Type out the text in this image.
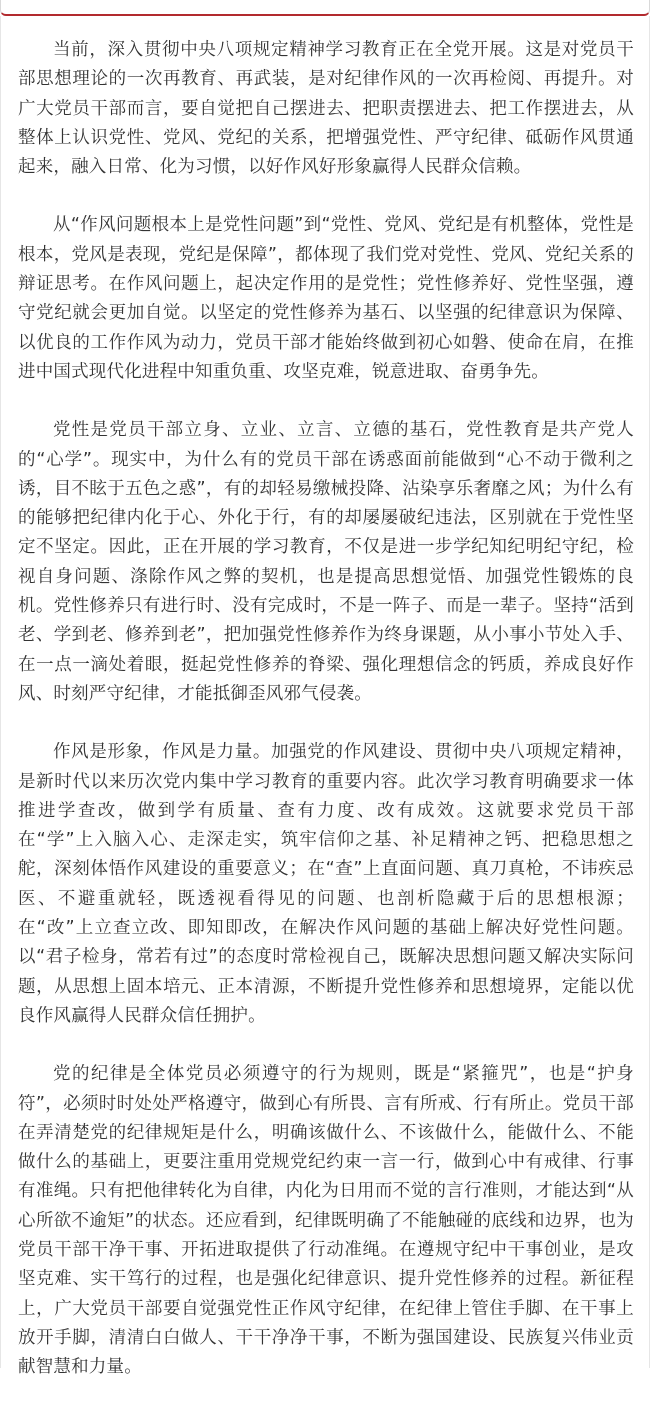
当前，深入贯彻中央八项规定精神学习教育正在全党开展。这是对党员干部思想理论的一次再教育、再武装，是对纪律作风的一次再检阅、再提升。对广大党员干部而言，要自觉把自己摆进去、把职责摆进去、把工作摆进去，从整体上认识党性、党风、党纪的关系，把增强党性、严守纪律、砥砺作风贯通起来，融入日常、化为习惯，以好作风好形象赢得人民群众信赖。

从“作风问题根本上是党性问题”到“党性、党风、党纪是有机整体，党性是根本，党风是表现，党纪是保障”，都体现了我们党对党性、党风、党纪关系的辩证思考。在作风问题上，起决定作用的是党性；党性修养好、党性坚强，遵守党纪就会更加自觉。以坚定的党性修养为基石、以坚强的纪律意识为保障、以优良的工作作风为动力，党员干部才能始终做到初心如磐、使命在肩，在推进中国式现代化进程中知重负重、攻坚克难，锐意进取、奋勇争先。

党性是党员干部立身、立业、立言、立德的基石，党性教育是共产党人的“心学”。现实中，为什么有的党员干部在诱惑面前能做到“心不动于微利之诱，目不眩于五色之惑”，有的却轻易缴械投降、沾染享乐奢靡之风；为什么有的能够把纪律内化于心、外化于行，有的却屡屡破纪违法，区别就在于党性坚定不坚定。因此，正在开展的学习教育，不仅是进一步学纪知纪明纪守纪，检视自身问题、涤除作风之弊的契机，也是提高思想觉悟、加强党性锻炼的良机。党性修养只有进行时、没有完成时，不是一阵子、而是一辈子。坚持“活到老、学到老、修养到老”，把加强党性修养作为终身课题，从小事小节处入手、在一点一滴处着眼，挺起党性修养的脊梁、强化理想信念的钙质，养成良好作风、时刻严守纪律，才能抵御歪风邪气侵袭。

作风是形象，作风是力量。加强党的作风建设、贯彻中央八项规定精神，是新时代以来历次党内集中学习教育的重要内容。此次学习教育明确要求一体推进学查改，做到学有质量、查有力度、改有成效。这就要求党员干部在“学”上入脑入心、走深走实，筑牢信仰之基、补足精神之钙、把稳思想之舵，深刻体悟作风建设的重要意义；在“查”上直面问题、真刀真枪，不讳疾忌医、不避重就轻，既透视看得见的问题、也剖析隐藏于后的思想根源；在“改”上立查立改、即知即改，在解决作风问题的基础上解决好党性问题。以“君子检身，常若有过”的态度时常检视自己，既解决思想问题又解决实际问题，从思想上固本培元、正本清源，不断提升党性修养和思想境界，定能以优良作风赢得人民群众信任拥护。

党的纪律是全体党员必须遵守的行为规则，既是“紧箍咒”，也是“护身符”，必须时时处处严格遵守，做到心有所畏、言有所戒、行有所止。党员干部在弄清楚党的纪律规矩是什么，明确该做什么、不该做什么，能做什么、不能做什么的基础上，更要注重用党规党纪约束一言一行，做到心中有戒律、行事有准绳。只有把他律转化为自律，内化为日用而不觉的言行准则，才能达到“从心所欲不逾矩”的状态。还应看到，纪律既明确了不能触碰的底线和边界，也为党员干部干净干事、开拓进取提供了行动准绳。在遵规守纪中干事创业，是攻坚克难、实干笃行的过程，也是强化纪律意识、提升党性修养的过程。新征程上，广大党员干部要自觉强党性正作风守纪律，在纪律上管住手脚、在干事上放开手脚，清清白白做人、干干净净干事，不断为强国建设、民族复兴伟业贡献智慧和力量。
